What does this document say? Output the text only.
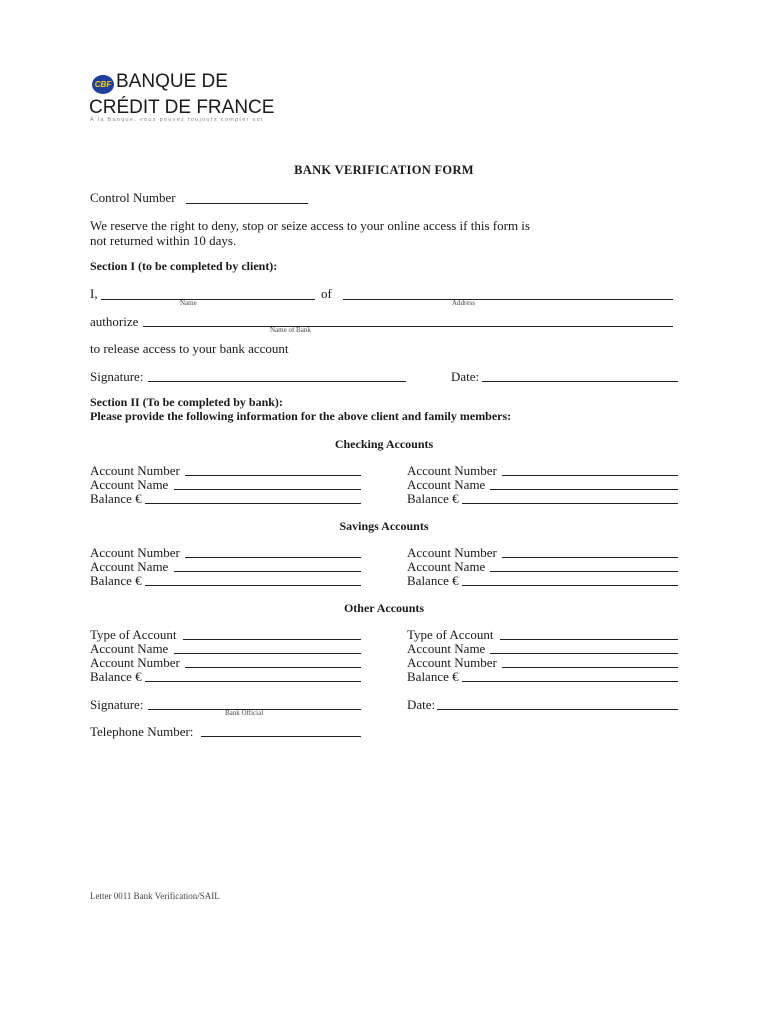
CBF BANQUE DE
CRÉDIT DE FRANCE
À la Banque, vous pouvez toujours compter sur
BANK VERIFICATION FORM
Control Number
We reserve the right to deny, stop or seize access to your online access if this form is
not returned within 10 days.
Section I (to be completed by client):
I,
Name
of
Address
authorize
Name of Bank
to release access to your bank account
Signature:	Date:
Section II (To be completed by bank):
Please provide the following information for the above client and family members:
Checking Accounts
Account Number
Account Name
Balance €
Account Number
Account Name
Balance €
Savings Accounts
Account Number
Account Name
Balance €
Account Number
Account Name
Balance €
Other Accounts
Type of Account
Account Name
Account Number
Balance €
Type of Account
Account Name
Account Number
Balance €
Signature:
Bank Official
Date:
Telephone Number:
Letter 0011 Bank Verification/SAIL
